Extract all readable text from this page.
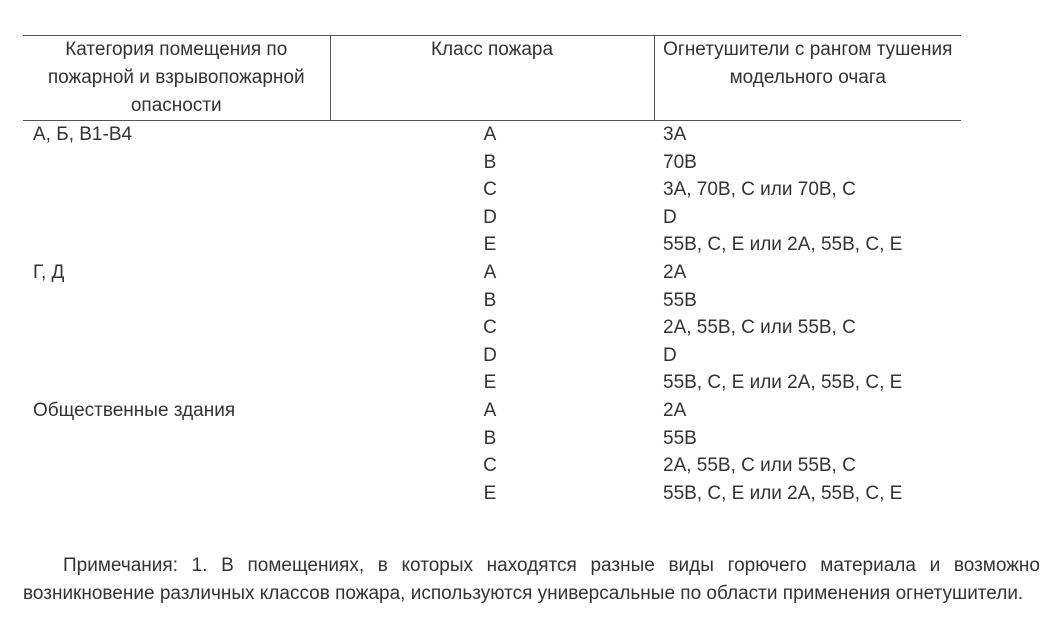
Категория помещения по пожарной и взрывопожарной опасности	Класс пожара	Огнетушители с рангом тушения модельного очага
А, Б, В1-В4	A	3А
	B	70В
	C	3А, 70В, С или 70В, С
	D	D
	E	55В, С, Е или 2А, 55В, С, Е
Г, Д	A	2А
	B	55В
	C	2А, 55В, С или 55В, С
	D	D
	E	55В, С, Е или 2А, 55В, С, Е
Общественные здания	A	2А
	B	55В
	C	2А, 55В, С или 55В, С
	E	55В, С, Е или 2А, 55В, С, Е

Примечания: 1. В помещениях, в которых находятся разные виды горючего материала и возможно возникновение различных классов пожара, используются универсальные по области применения огнетушители.
